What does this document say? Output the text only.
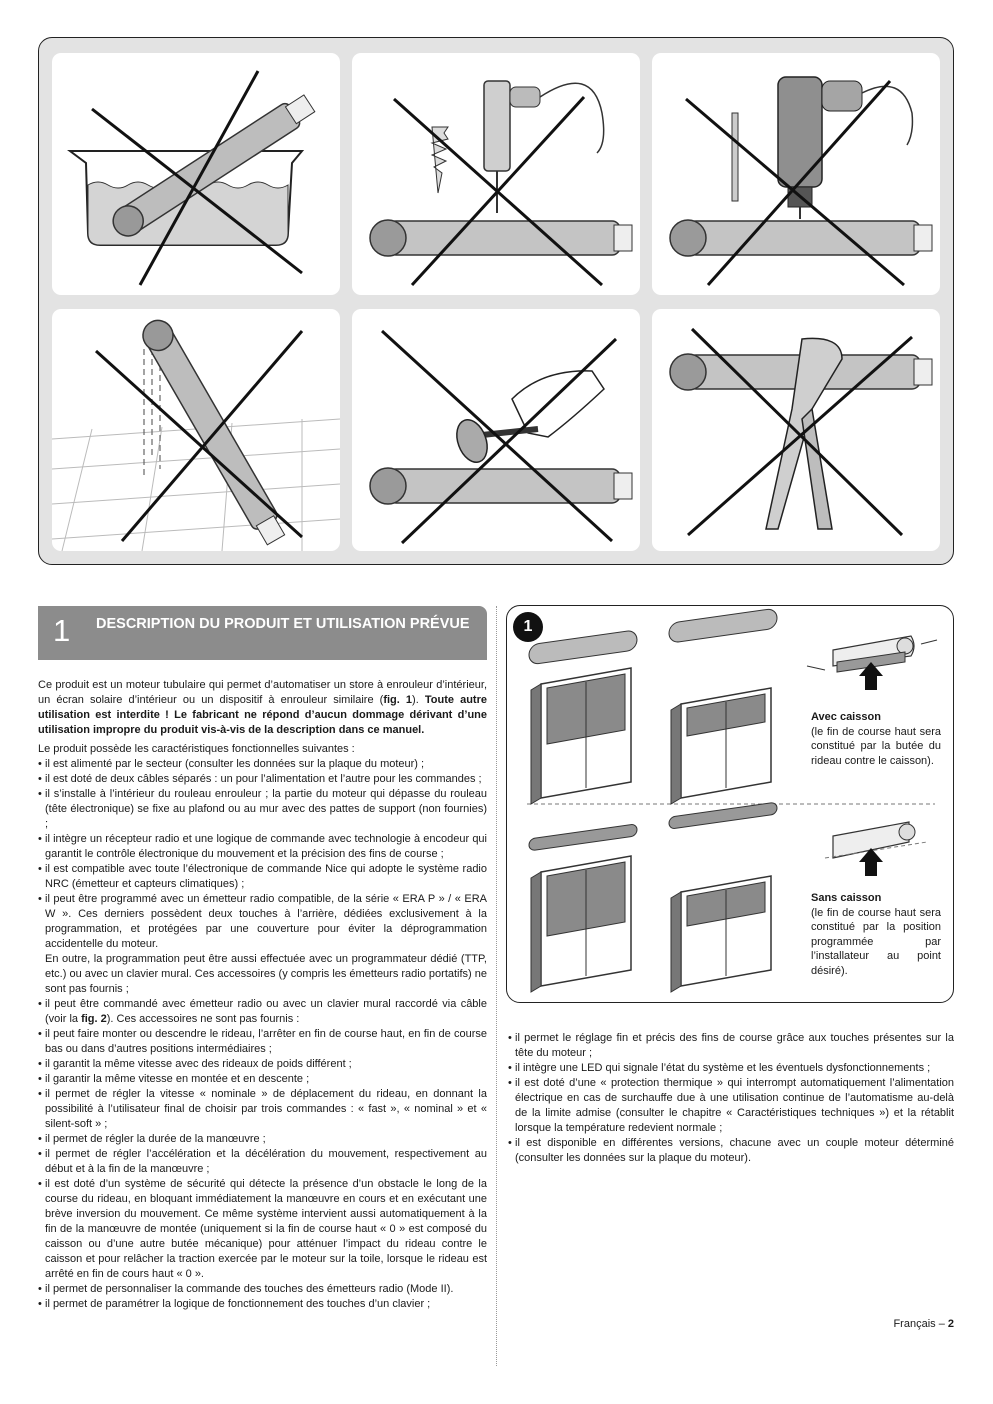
1 DESCRIPTION DU PRODUIT ET UTILISATION PRÉVUE

Ce produit est un moteur tubulaire qui permet d’automatiser un store à enrouleur d’intérieur, un écran solaire d’intérieur ou un dispositif à enrouleur similaire (fig. 1). Toute autre utilisation est interdite ! Le fabricant ne répond d’aucun dommage dérivant d’une utilisation impropre du produit vis-à-vis de la description dans ce manuel.

Le produit possède les caractéristiques fonctionnelles suivantes :

• il est alimenté par le secteur (consulter les données sur la plaque du moteur) ;
• il est doté de deux câbles séparés : un pour l’alimentation et l’autre pour les commandes ;
• il s’installe à l’intérieur du rouleau enrouleur ; la partie du moteur qui dépasse du rouleau (tête électronique) se fixe au plafond ou au mur avec des pattes de support (non fournies) ;
• il intègre un récepteur radio et une logique de commande avec technologie à encodeur qui garantit le contrôle électronique du mouvement et la précision des fins de course ;
• il est compatible avec toute l’électronique de commande Nice qui adopte le système radio NRC (émetteur et capteurs climatiques) ;
• il peut être programmé avec un émetteur radio compatible, de la série « ERA P » / « ERA W ». Ces derniers possèdent deux touches à l’arrière, dédiées exclusivement à la programmation, et protégées par une couverture pour éviter la déprogrammation accidentelle du moteur.

En outre, la programmation peut être aussi effectuée avec un programmateur dédié (TTP, etc.) ou avec un clavier mural. Ces accessoires (y compris les émetteurs radio portatifs) ne sont pas fournis ;

• il peut être commandé avec émetteur radio ou avec un clavier mural raccordé via câble (voir la fig. 2). Ces accessoires ne sont pas fournis :
• il peut faire monter ou descendre le rideau, l’arrêter en fin de course haut, en fin de course bas ou dans d’autres positions intermédiaires ;
• il garantit la même vitesse avec des rideaux de poids différent ;
• il garantir la même vitesse en montée et en descente ;
• il permet de régler la vitesse « nominale » de déplacement du rideau, en donnant la possibilité à l’utilisateur final de choisir par trois commandes : « fast », « nominal » et « silent-soft » ;
• il permet de régler la durée de la manœuvre ;
• il permet de régler l’accélération et la décélération du mouvement, respectivement au début et à la fin de la manœuvre ;
• il est doté d’un système de sécurité qui détecte la présence d’un obstacle le long de la course du rideau, en bloquant immédiatement la manœuvre en cours et en exécutant une brève inversion du mouvement. Ce même système intervient aussi automatiquement à la fin de la manœuvre de montée (uniquement si la fin de course haut « 0 » est composé du caisson ou d’une autre butée mécanique) pour atténuer l’impact du rideau contre le caisson et pour relâcher la traction exercée par le moteur sur la toile, lorsque le rideau est arrêté en fin de cours haut « 0 ».
• il permet de personnaliser la commande des touches des émetteurs radio (Mode II).
• il permet de paramétrer la logique de fonctionnement des touches d’un clavier ;
1
Avec caisson
(le fin de course haut sera constitué par la butée du rideau contre le caisson).
Sans caisson
(le fin de course haut sera constitué par la position programmée par l’installateur au point désiré).
• il permet le réglage fin et précis des fins de course grâce aux touches présentes sur la tête du moteur ;
• il intègre une LED qui signale l’état du système et les éventuels dysfonctionnements ;
• il est doté d’une « protection thermique » qui interrompt automatiquement l’alimentation électrique en cas de surchauffe due à une utilisation continue de l’automatisme au-delà de la limite admise (consulter le chapitre « Caractéristiques techniques ») et la rétablit lorsque la température redevient normale ;
• il est disponible en différentes versions, chacune avec un couple moteur déterminé (consulter les données sur la plaque du moteur).
Français – 2
